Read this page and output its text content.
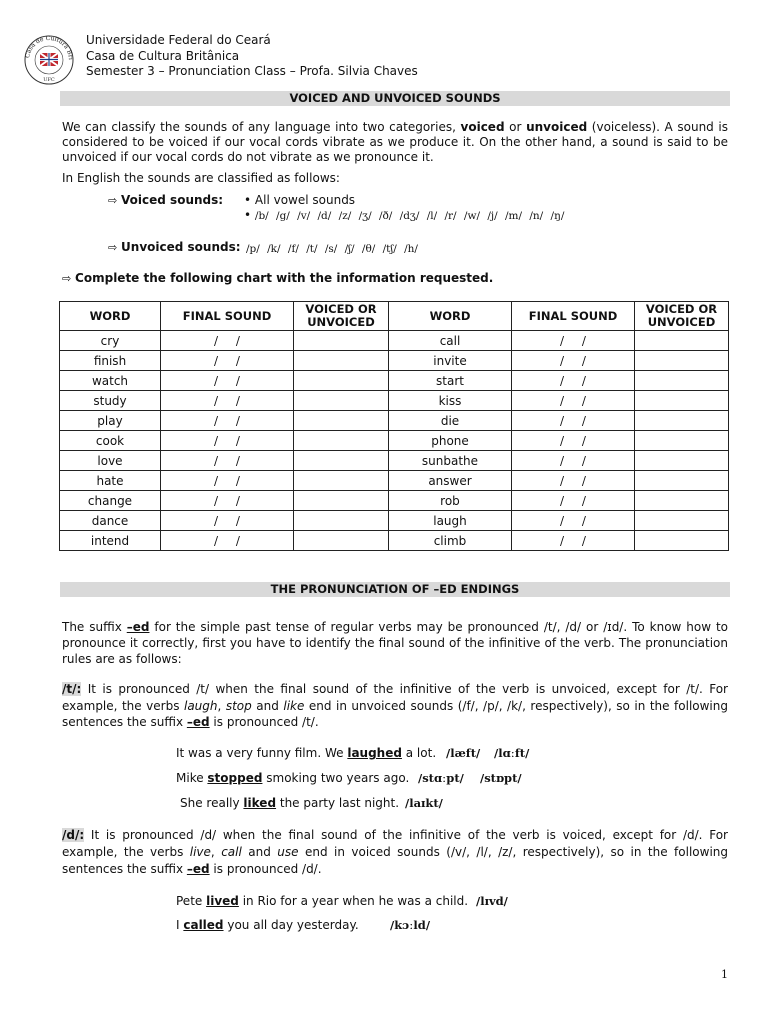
Casa de Cultura Bri
UFC
Universidade Federal do Ceará
Casa de Cultura Britânica
Semester 3 – Pronunciation Class – Profa. Silvia Chaves
VOICED AND UNVOICED SOUNDS
We can classify the sounds of any language into two categories, voiced or unvoiced (voiceless). A sound is considered to be voiced if our vocal cords vibrate as we produce it. On the other hand, a sound is said to be unvoiced if our vocal cords do not vibrate as we pronounce it.
In English the sounds are classified as follows:
⇨ Voiced sounds: • All vowel sounds
• /b/ /g/ /v/ /d/ /z/ /ʒ/ /ð/ /dʒ/ /l/ /r/ /w/ /j/ /m/ /n/ /ŋ/
⇨ Unvoiced sounds: /p/ /k/ /f/ /t/ /s/ /ʃ/ /θ/ /tʃ/ /h/
⇨ Complete the following chart with the information requested.
WORD	FINAL SOUND	VOICED OR UNVOICED	WORD	FINAL SOUND	VOICED OR UNVOICED
cry	/ /		call	/ /	
finish	/ /		invite	/ /	
watch	/ /		start	/ /	
study	/ /		kiss	/ /	
play	/ /		die	/ /	
cook	/ /		phone	/ /	
love	/ /		sunbathe	/ /	
hate	/ /		answer	/ /	
change	/ /		rob	/ /	
dance	/ /		laugh	/ /	
intend	/ /		climb	/ /	
THE PRONUNCIATION OF –ED ENDINGS
The suffix –ed for the simple past tense of regular verbs may be pronounced /t/, /d/ or /ɪd/. To know how to pronounce it correctly, first you have to identify the final sound of the infinitive of the verb. The pronunciation rules are as follows:
/t/: It is pronounced /t/ when the final sound of the infinitive of the verb is unvoiced, except for /t/. For example, the verbs laugh, stop and like end in unvoiced sounds (/f/, /p/, /k/, respectively), so in the following sentences the suffix –ed is pronounced /t/.
It was a very funny film. We laughed a lot. /læft/ /lɑːft/
Mike stopped smoking two years ago. /stɑːpt/ /stɒpt/
She really liked the party last night. /laɪkt/
/d/: It is pronounced /d/ when the final sound of the infinitive of the verb is voiced, except for /d/. For example, the verbs live, call and use end in voiced sounds (/v/, /l/, /z/, respectively), so in the following sentences the suffix –ed is pronounced /d/.
Pete lived in Rio for a year when he was a child. /lɪvd/
I called you all day yesterday.	/kɔːld/
1
